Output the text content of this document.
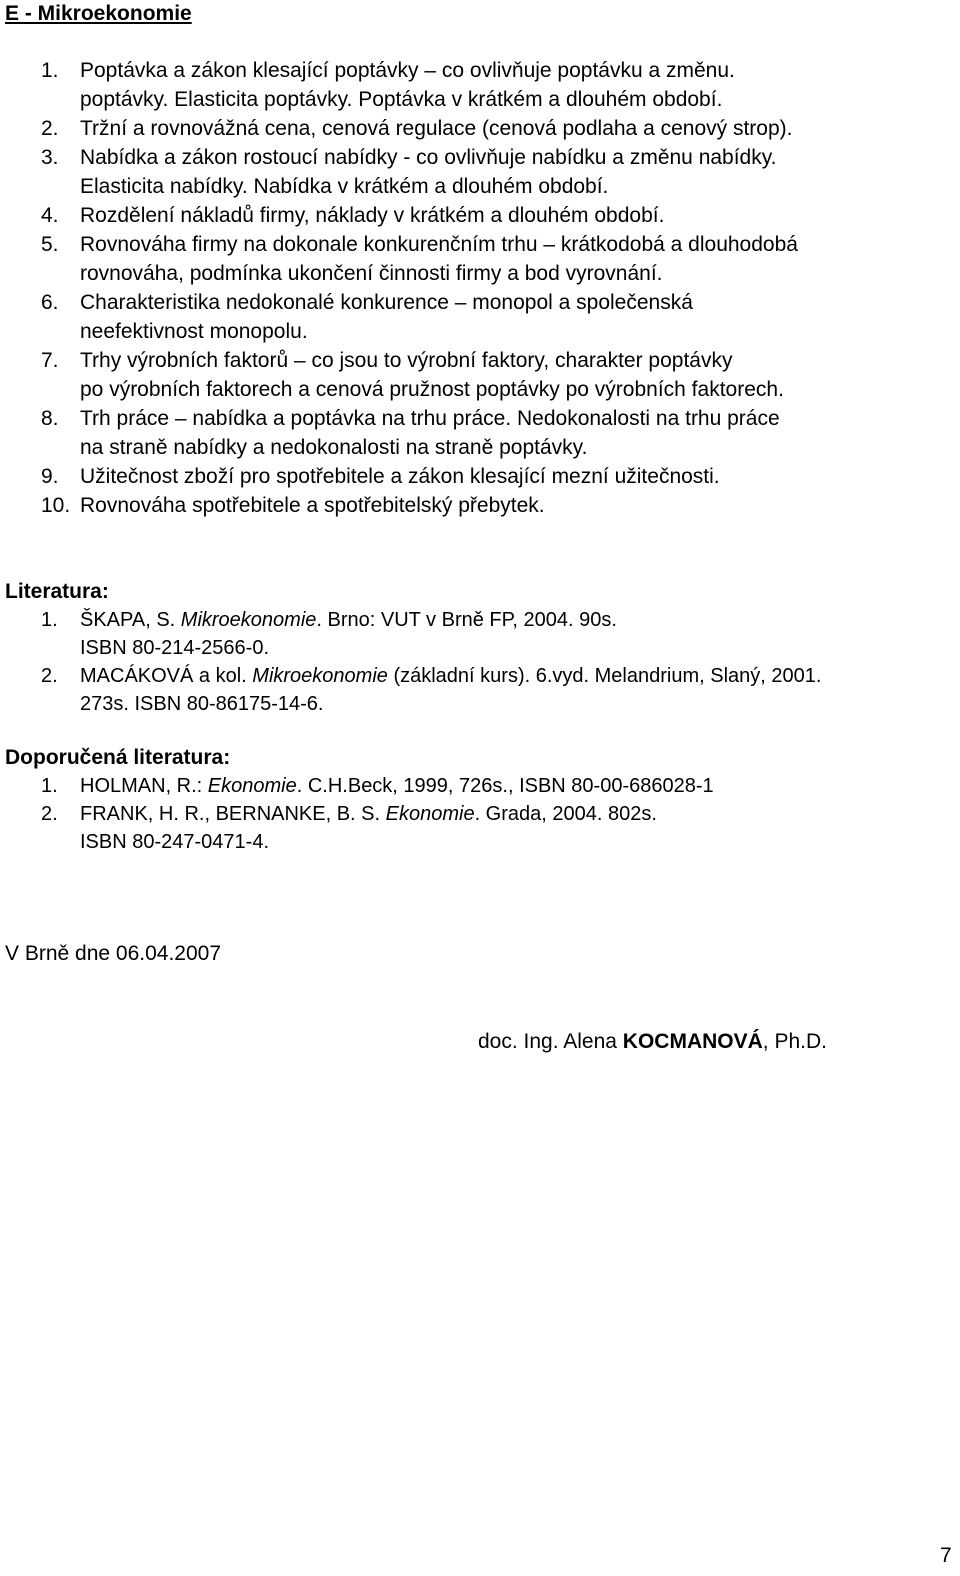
E - Mikroekonomie
1. Poptávka a zákon klesající poptávky – co ovlivňuje poptávku a změnu.
poptávky. Elasticita poptávky. Poptávka v krátkém a dlouhém období.
2. Tržní a rovnovážná cena, cenová regulace (cenová podlaha a cenový strop).
3. Nabídka a zákon rostoucí nabídky - co ovlivňuje nabídku a změnu nabídky.
Elasticita nabídky. Nabídka v krátkém a dlouhém období.
4. Rozdělení nákladů firmy, náklady v krátkém a dlouhém období.
5. Rovnováha firmy na dokonale konkurenčním trhu – krátkodobá a dlouhodobá
rovnováha, podmínka ukončení činnosti firmy a bod vyrovnání.
6. Charakteristika nedokonalé konkurence – monopol a společenská
neefektivnost monopolu.
7. Trhy výrobních faktorů – co jsou to výrobní faktory, charakter poptávky
po výrobních faktorech a cenová pružnost poptávky po výrobních faktorech.
8. Trh práce – nabídka a poptávka na trhu práce. Nedokonalosti na trhu práce
na straně nabídky a nedokonalosti na straně poptávky.
9. Užitečnost zboží pro spotřebitele a zákon klesající mezní užitečnosti.
10. Rovnováha spotřebitele a spotřebitelský přebytek.
Literatura:
1. ŠKAPA, S. Mikroekonomie. Brno: VUT v Brně FP, 2004. 90s.
ISBN 80-214-2566-0.
2. MACÁKOVÁ a kol. Mikroekonomie (základní kurs). 6.vyd. Melandrium, Slaný, 2001.
273s. ISBN 80-86175-14-6.
Doporučená literatura:
1. HOLMAN, R.: Ekonomie. C.H.Beck, 1999, 726s., ISBN 80-00-686028-1
2. FRANK, H. R., BERNANKE, B. S. Ekonomie. Grada, 2004. 802s.
ISBN 80-247-0471-4.
V Brně dne 06.04.2007
doc. Ing. Alena KOCMANOVÁ, Ph.D.
7
